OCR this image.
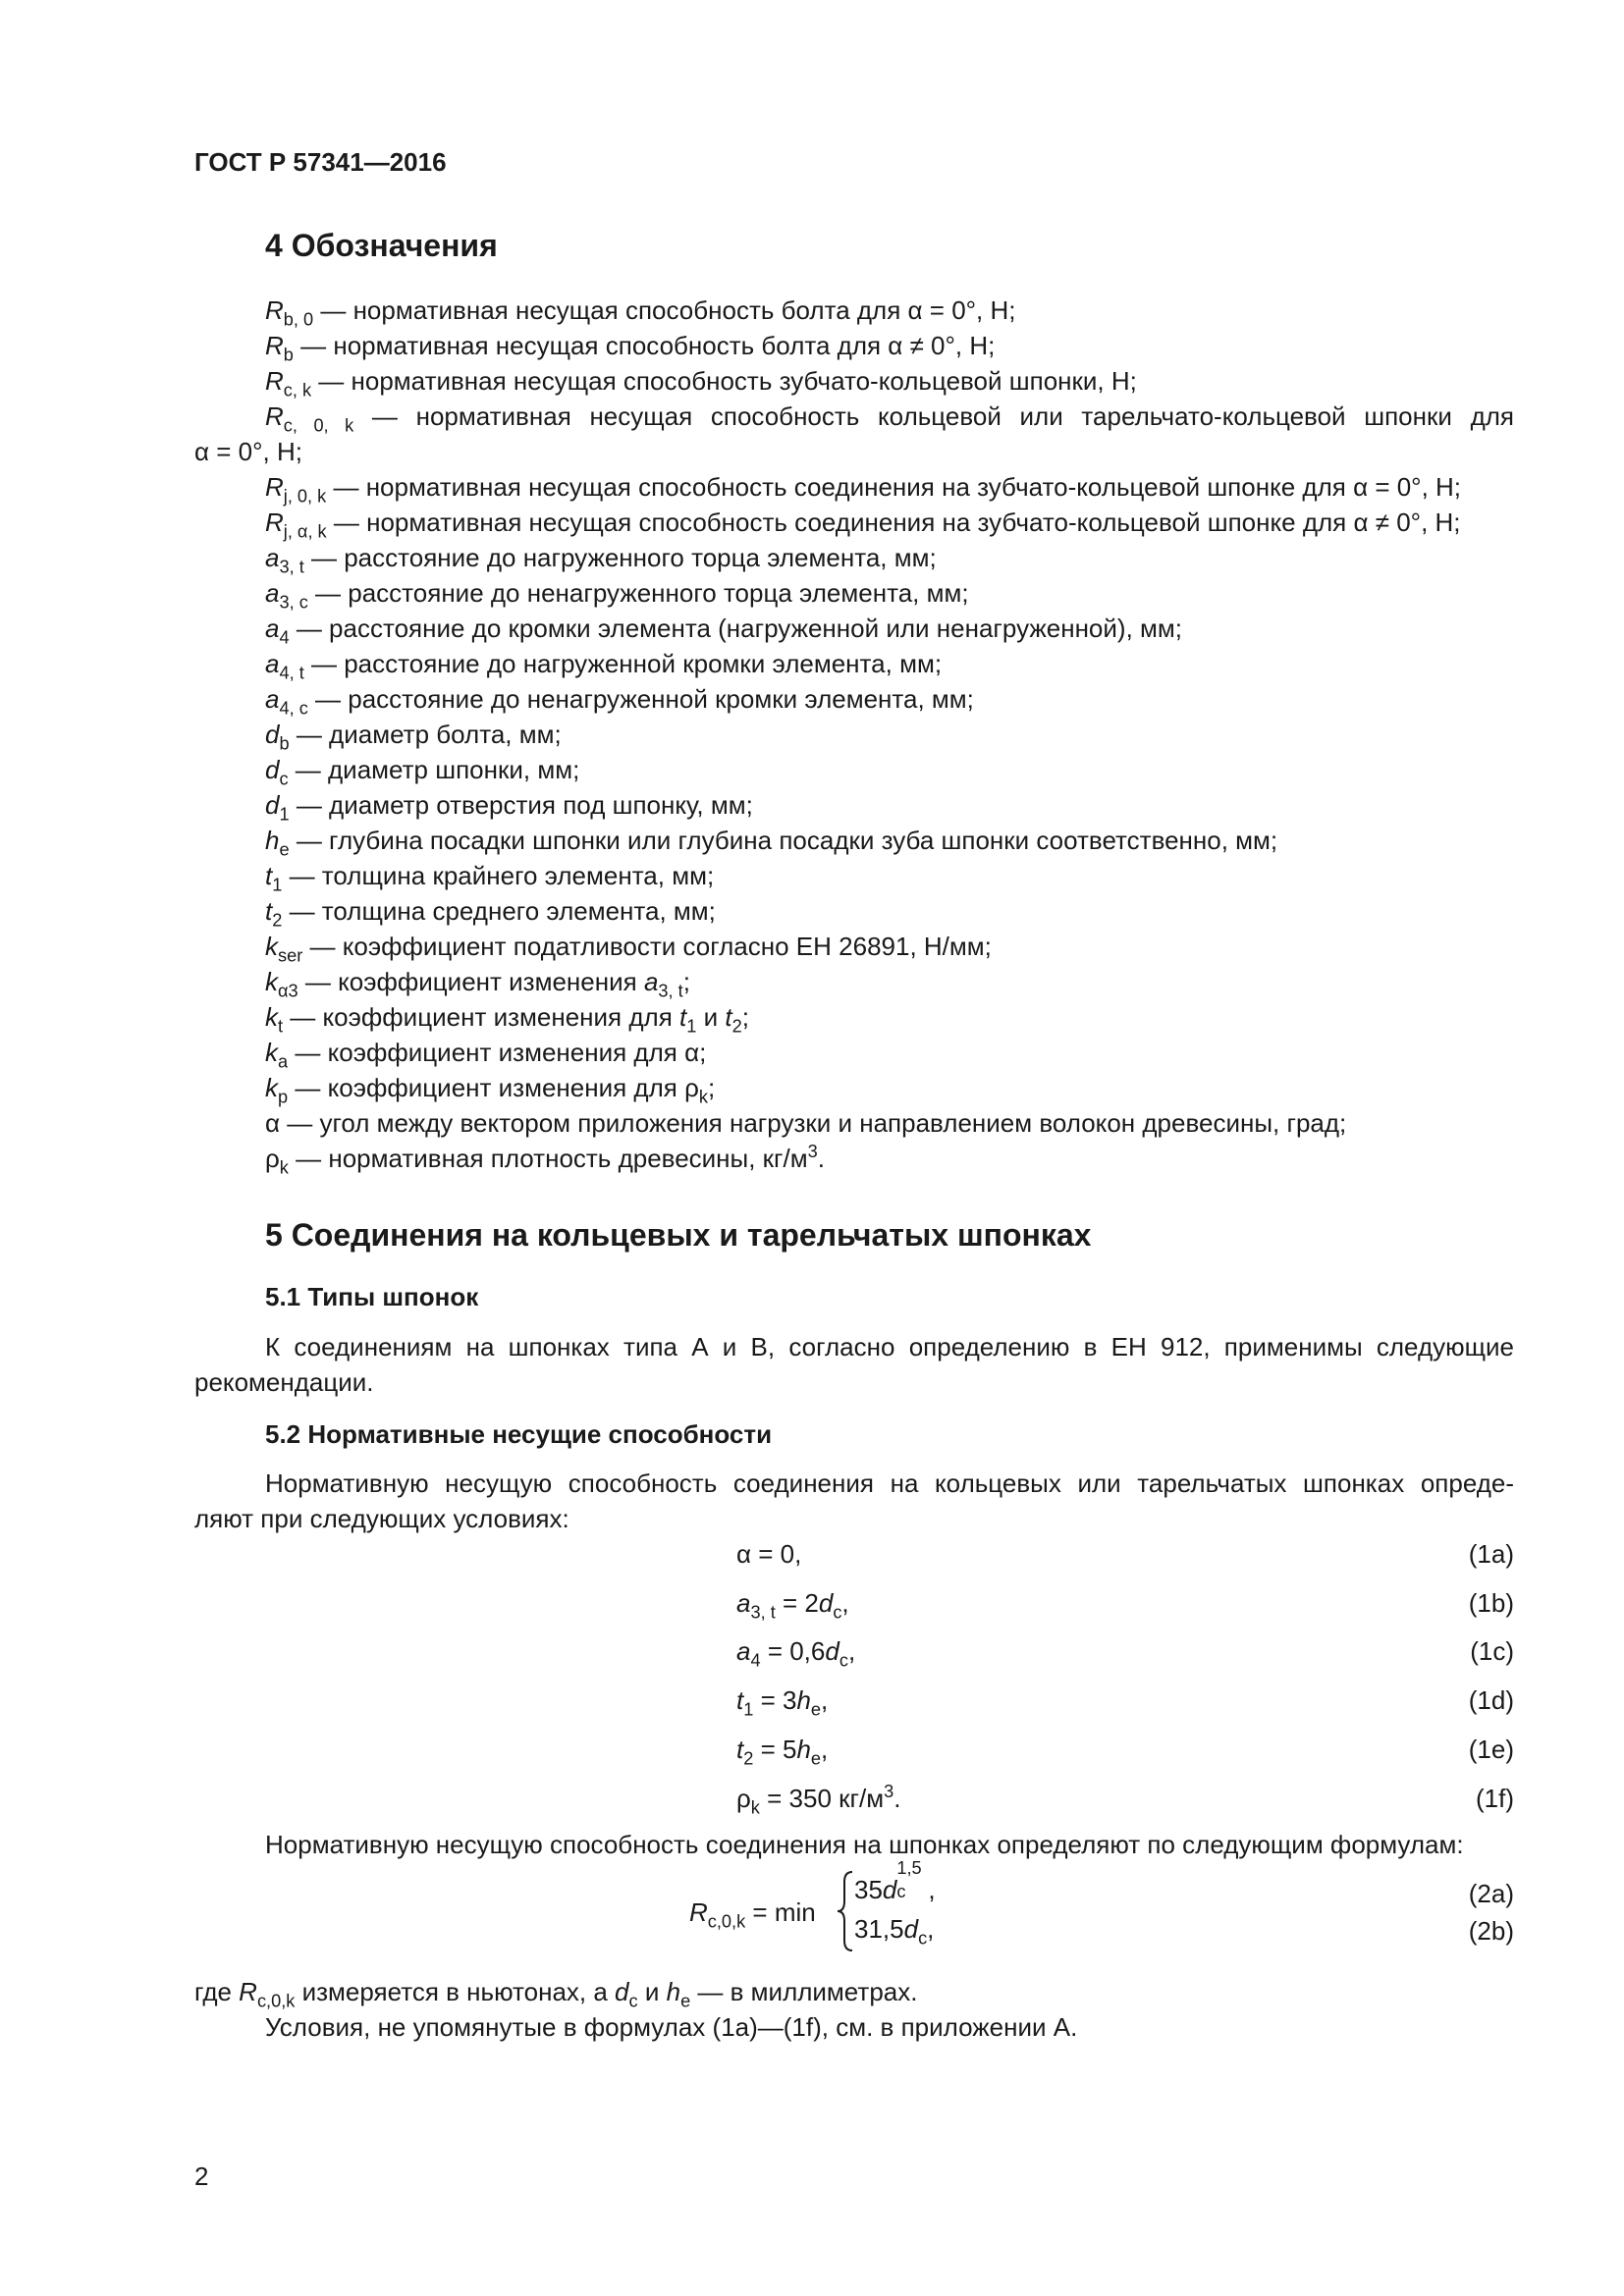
ГОСТ Р 57341—2016
4 Обозначения
$R_{b, 0}$ — нормативная несущая способность болта для α = 0°, Н;
$R_b$ — нормативная несущая способность болта для α ≠ 0°, Н;
$R_{c, k}$ — нормативная несущая способность зубчато-кольцевой шпонки, Н;
$R_{c, 0, k}$ — нормативная несущая способность кольцевой или тарельчато-кольцевой шпонки для
α = 0°, Н;
$R_{j, 0, k}$ — нормативная несущая способность соединения на зубчато-кольцевой шпонке для α = 0°, Н;
$R_{j, \alpha, k}$ — нормативная несущая способность соединения на зубчато-кольцевой шпонке для α ≠ 0°, Н;
$a_{3, t}$ — расстояние до нагруженного торца элемента, мм;
$a_{3, c}$ — расстояние до ненагруженного торца элемента, мм;
$a_4$ — расстояние до кромки элемента (нагруженной или ненагруженной), мм;
$a_{4, t}$ — расстояние до нагруженной кромки элемента, мм;
$a_{4, c}$ — расстояние до ненагруженной кромки элемента, мм;
$d_b$ — диаметр болта, мм;
$d_c$ — диаметр шпонки, мм;
$d_1$ — диаметр отверстия под шпонку, мм;
$h_e$ — глубина посадки шпонки или глубина посадки зуба шпонки соответственно, мм;
$t_1$ — толщина крайнего элемента, мм;
$t_2$ — толщина среднего элемента, мм;
$k_{ser}$ — коэффициент податливости согласно ЕН 26891, Н/мм;
$k_{\alpha 3}$ — коэффициент изменения $a_{3, t}$;
$k_t$ — коэффициент изменения для $t_1$ и $t_2$;
$k_a$ — коэффициент изменения для α;
$k_p$ — коэффициент изменения для $\rho_k$;
α — угол между вектором приложения нагрузки и направлением волокон древесины, град;
$\rho_k$ — нормативная плотность древесины, $кг/м^3$.
5 Соединения на кольцевых и тарельчатых шпонках
5.1 Типы шпонок
К соединениям на шпонках типа А и В, согласно определению в ЕН 912, применимы следующие
рекомендации.
5.2 Нормативные несущие способности
Нормативную несущую способность соединения на кольцевых или тарельчатых шпонках опреде-
ляют при следующих условиях:
α = 0,	(1a)
$a_{3, t} = 2d_c$,	(1b)
$a_4 = 0,6d_c$,	(1c)
$t_1 = 3h_e$,	(1d)
$t_2 = 5h_e$,	(1e)
$\rho_k = 350$ $кг/м^3$.	(1f)
Нормативную несущую способность соединения на шпонках определяют по следующим формулам:
$R_{c,0,k} = \min$
35d
1,5
c ,	(2a)
$31,5d_c$,	(2b)
где $R_{c,0,k}$ измеряется в ньютонах, а $d_c$ и $h_e$ — в миллиметрах.
Условия, не упомянутые в формулах (1a)—(1f), см. в приложении А.
2
